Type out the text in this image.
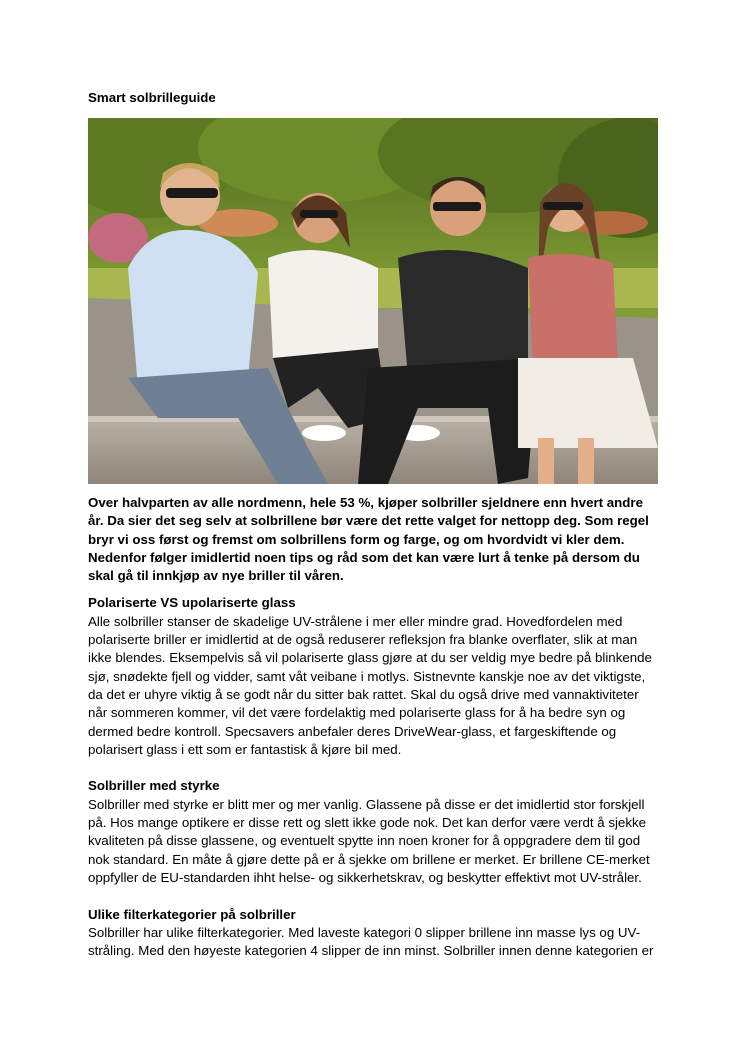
Smart solbrilleguide

Over halvparten av alle nordmenn, hele 53 %, kjøper solbriller sjeldnere enn hvert andre år. Da sier det seg selv at solbrillene bør være det rette valget for nettopp deg. Som regel bryr vi oss først og fremst om solbrillens form og farge, og om hvordvidt vi kler dem. Nedenfor følger imidlertid noen tips og råd som det kan være lurt å tenke på dersom du skal gå til innkjøp av nye briller til våren.

Polariserte VS upolariserte glass

Alle solbriller stanser de skadelige UV-strålene i mer eller mindre grad. Hovedfordelen med polariserte briller er imidlertid at de også reduserer refleksjon fra blanke overflater, slik at man ikke blendes. Eksempelvis så vil polariserte glass gjøre at du ser veldig mye bedre på blinkende sjø, snødekte fjell og vidder, samt våt veibane i motlys. Sistnevnte kanskje noe av det viktigste, da det er uhyre viktig å se godt når du sitter bak rattet. Skal du også drive med vannaktiviteter når sommeren kommer, vil det være fordelaktig med polariserte glass for å ha bedre syn og dermed bedre kontroll. Specsavers anbefaler deres DriveWear-glass, et fargeskiftende og polarisert glass i ett som er fantastisk å kjøre bil med.

Solbriller med styrke

Solbriller med styrke er blitt mer og mer vanlig. Glassene på disse er det imidlertid stor forskjell på. Hos mange optikere er disse rett og slett ikke gode nok. Det kan derfor være verdt å sjekke kvaliteten på disse glassene, og eventuelt spytte inn noen kroner for å oppgradere dem til god nok standard. En måte å gjøre dette på er å sjekke om brillene er merket. Er brillene CE-merket oppfyller de EU-standarden ihht helse- og sikkerhetskrav, og beskytter effektivt mot UV-stråler.

Ulike filterkategorier på solbriller

Solbriller har ulike filterkategorier. Med laveste kategori 0 slipper brillene inn masse lys og UV-stråling. Med den høyeste kategorien 4 slipper de inn minst. Solbriller innen denne kategorien er
